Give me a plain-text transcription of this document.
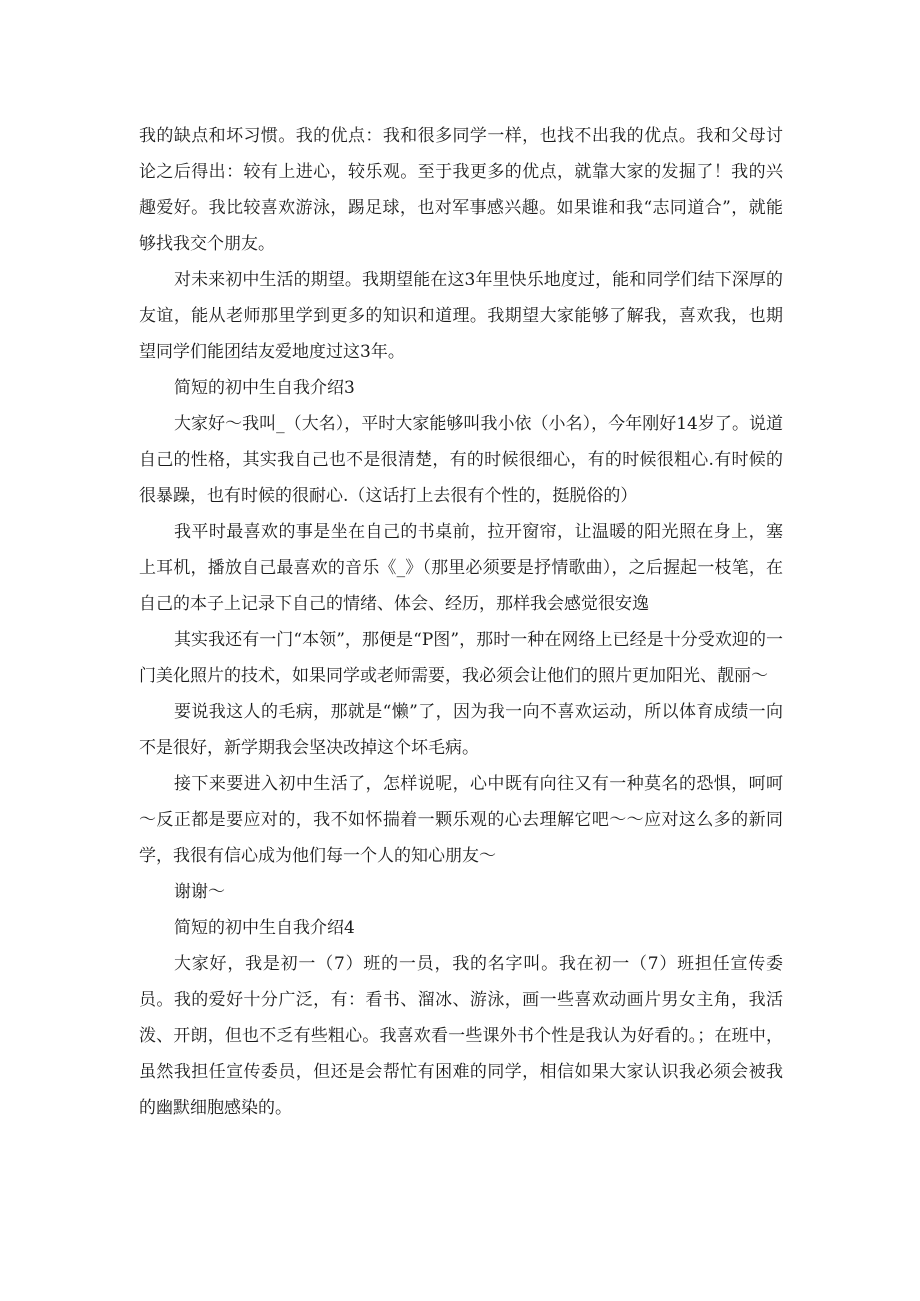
我的缺点和坏习惯。我的优点：我和很多同学一样，也找不出我的优点。我和父母讨论之后得出：较有上进心，较乐观。至于我更多的优点，就靠大家的发掘了！我的兴趣爱好。我比较喜欢游泳，踢足球，也对军事感兴趣。如果谁和我“志同道合”，就能够找我交个朋友。

对未来初中生活的期望。我期望能在这3年里快乐地度过，能和同学们结下深厚的友谊，能从老师那里学到更多的知识和道理。我期望大家能够了解我，喜欢我，也期望同学们能团结友爱地度过这3年。

简短的初中生自我介绍3

大家好～我叫_（大名），平时大家能够叫我小依（小名），今年刚好14岁了。说道自己的性格，其实我自己也不是很清楚，有的时候很细心，有的时候很粗心.有时候的很暴躁，也有时候的很耐心.（这话打上去很有个性的，挺脱俗的）

我平时最喜欢的事是坐在自己的书桌前，拉开窗帘，让温暖的阳光照在身上，塞上耳机，播放自己最喜欢的音乐《_》（那里必须要是抒情歌曲），之后握起一枝笔，在自己的本子上记录下自己的情绪、体会、经历，那样我会感觉很安逸

其实我还有一门“本领”，那便是“P图”，那时一种在网络上已经是十分受欢迎的一门美化照片的技术，如果同学或老师需要，我必须会让他们的照片更加阳光、靓丽～

要说我这人的毛病，那就是“懒”了，因为我一向不喜欢运动，所以体育成绩一向不是很好，新学期我会坚决改掉这个坏毛病。

接下来要进入初中生活了，怎样说呢，心中既有向往又有一种莫名的恐惧，呵呵～反正都是要应对的，我不如怀揣着一颗乐观的心去理解它吧～～应对这么多的新同学，我很有信心成为他们每一个人的知心朋友～

谢谢～

简短的初中生自我介绍4

大家好，我是初一（7）班的一员，我的名字叫。我在初一（7）班担任宣传委员。我的爱好十分广泛，有：看书、溜冰、游泳，画一些喜欢动画片男女主角，我活泼、开朗，但也不乏有些粗心。我喜欢看一些课外书个性是我认为好看的。；在班中，虽然我担任宣传委员，但还是会帮忙有困难的同学，相信如果大家认识我必须会被我的幽默细胞感染的。
